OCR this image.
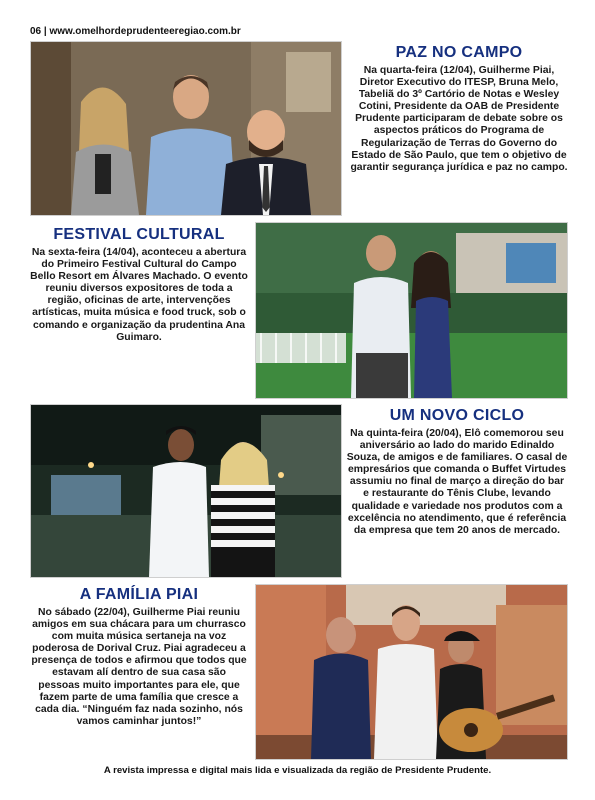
06 | www.omelhordeprudenteeregiao.com.br
PAZ NO CAMPO

Na quarta-feira (12/04), Guilherme Piai, Diretor Executivo do ITESP, Bruna Melo, Tabeliã do 3º Cartório de Notas e Wesley Cotini, Presidente da OAB de Presidente Prudente participaram de debate sobre os aspectos práticos do Programa de Regularização de Terras do Governo do Estado de São Paulo, que tem o objetivo de garantir segurança jurídica e paz no campo.

FESTIVAL CULTURAL

Na sexta-feira (14/04), aconteceu a abertura do Primeiro Festival Cultural do Campo Bello Resort em Álvares Machado. O evento reuniu diversos expositores de toda a região, oficinas de arte, intervenções artísticas, muita música e food truck, sob o comando e organização da prudentina Ana Guimaro.

UM NOVO CICLO

Na quinta-feira (20/04), Elô comemorou seu aniversário ao lado do marido Edinaldo Souza, de amigos e de familiares. O casal de empresários que comanda o Buffet Virtudes assumiu no final de março a direção do bar e restaurante do Tênis Clube, levando qualidade e variedade nos produtos com a excelência no atendimento, que é referência da empresa que tem 20 anos de mercado.

A FAMÍLIA PIAI

No sábado (22/04), Guilherme Piai reuniu amigos em sua chácara para um churrasco com muita música sertaneja na voz poderosa de Dorival Cruz. Piai agradeceu a presença de todos e afirmou que todos que estavam alí dentro de sua casa são pessoas muito importantes para ele, que fazem parte de uma família que cresce a cada dia. “Ninguém faz nada sozinho, nós vamos caminhar juntos!”

A revista impressa e digital mais lida e visualizada da região de Presidente Prudente.
